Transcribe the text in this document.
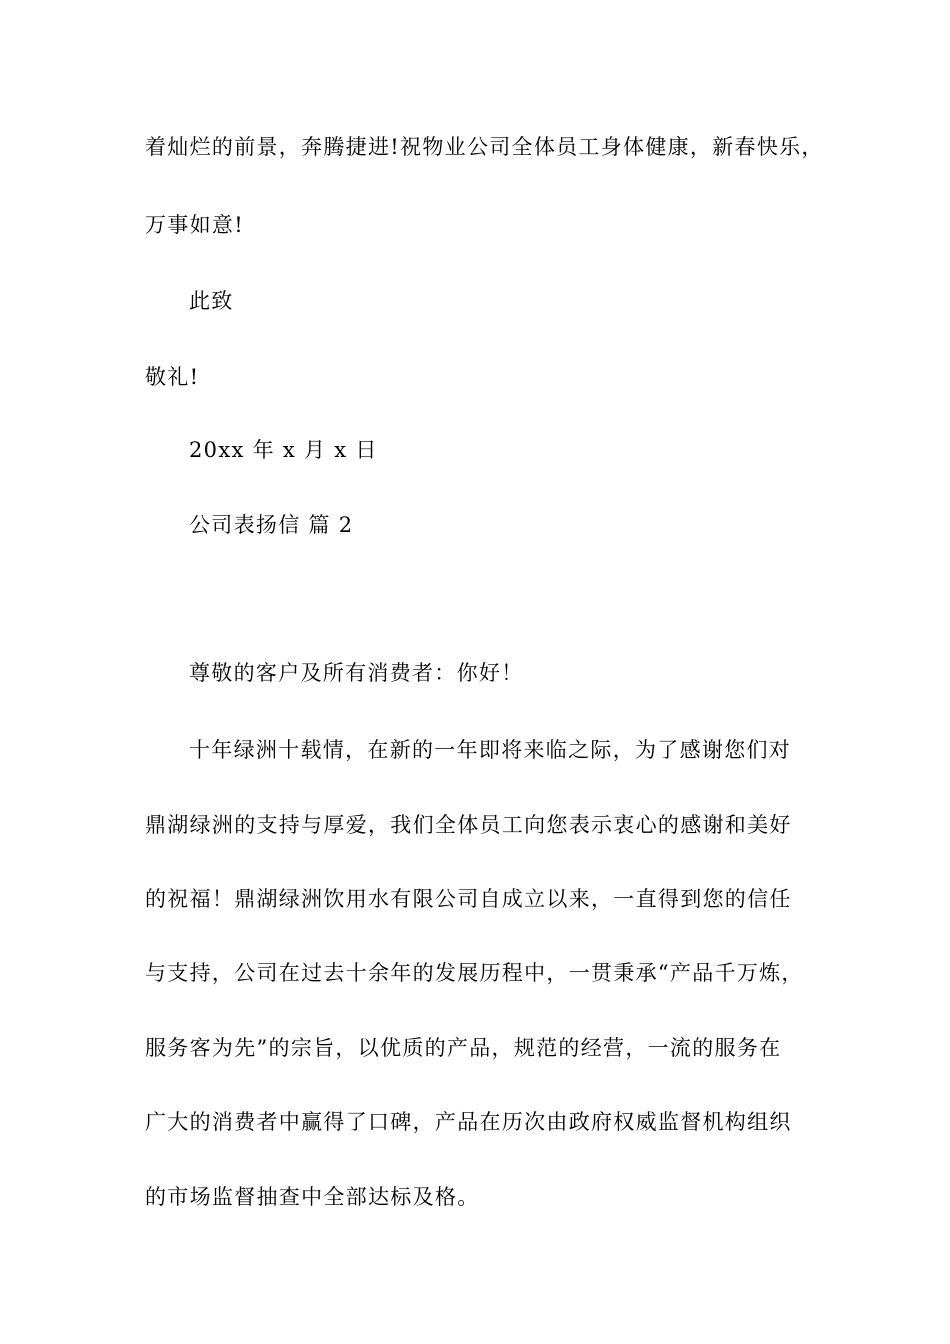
着灿烂的前景，奔腾捷进!祝物业公司全体员工身体健康，新春快乐，
万事如意!
此致
敬礼!
20xx 年 x 月 x 日
公司表扬信 篇 2
尊敬的客户及所有消费者：你好！
十年绿洲十载情，在新的一年即将来临之际，为了感谢您们对
鼎湖绿洲的支持与厚爱，我们全体员工向您表示衷心的感谢和美好
的祝福！鼎湖绿洲饮用水有限公司自成立以来，一直得到您的信任
与支持，公司在过去十余年的发展历程中，一贯秉承“产品千万炼，
服务客为先”的宗旨，以优质的产品，规范的经营，一流的服务在
广大的消费者中赢得了口碑，产品在历次由政府权威监督机构组织
的市场监督抽查中全部达标及格。
